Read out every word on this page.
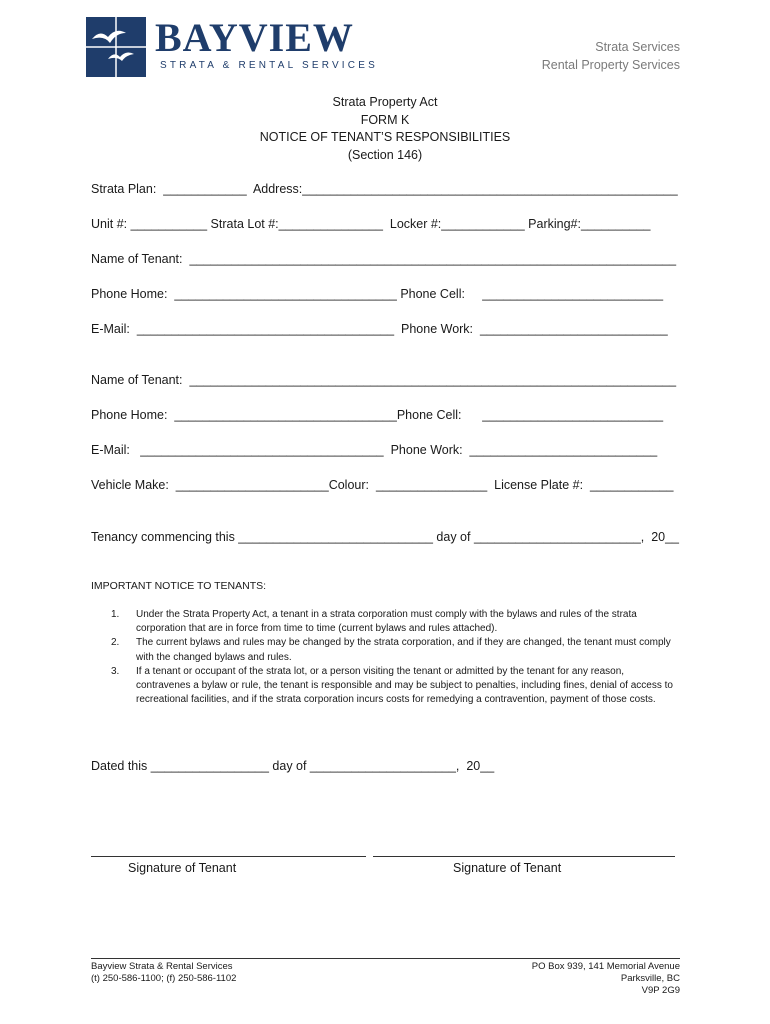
BAYVIEW
STRATA & RENTAL SERVICES
Strata Services
Rental Property Services
Strata Property Act
FORM K
NOTICE OF TENANT’S RESPONSIBILITIES
(Section 146)
Strata Plan:  ____________  Address:______________________________________________________
Unit #: ___________ Strata Lot #:_______________  Locker #:____________ Parking#:__________
Name of Tenant:  ______________________________________________________________________
Phone Home:  ________________________________ Phone Cell:     __________________________
E-Mail:  _____________________________________  Phone Work:  ___________________________
Name of Tenant:  ______________________________________________________________________
Phone Home:  ________________________________Phone Cell:      __________________________
E-Mail:   ___________________________________  Phone Work:  ___________________________
Vehicle Make:  ______________________Colour:  ________________  License Plate #:  ____________
Tenancy commencing this ____________________________ day of ________________________,  20__
IMPORTANT NOTICE TO TENANTS:
1.	Under the Strata Property Act, a tenant in a strata corporation must comply with the bylaws and rules of the strata corporation that are in force from time to time (current bylaws and rules attached).
2.	The current bylaws and rules may be changed by the strata corporation, and if they are changed, the tenant must comply with the changed bylaws and rules.
3.	If a tenant or occupant of the strata lot, or a person visiting the tenant or admitted by the tenant for any reason, contravenes a bylaw or rule, the tenant is responsible and may be subject to penalties, including fines, denial of access to recreational facilities, and if the strata corporation incurs costs for remedying a contravention, payment of those costs.
Dated this _________________ day of _____________________,  20__
Signature of Tenant	Signature of Tenant
Bayview Strata & Rental Services
(t) 250-586-1100; (f) 250-586-1102
PO Box 939, 141 Memorial Avenue
Parksville, BC
V9P 2G9
